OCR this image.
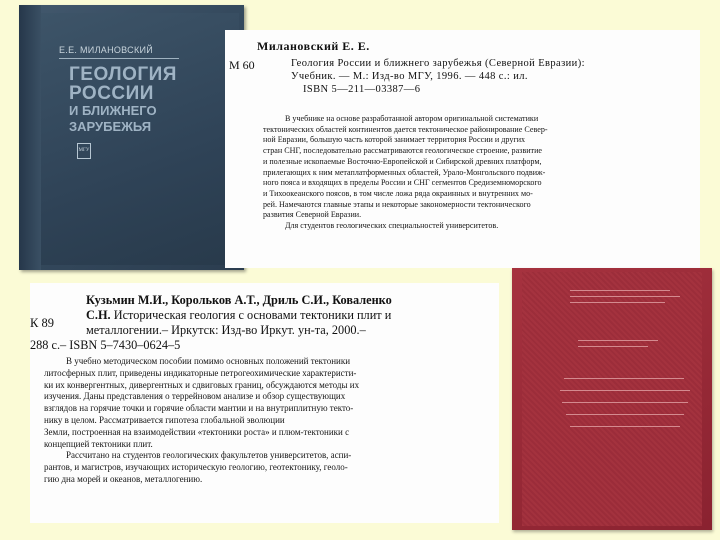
Е.Е. МИЛАНОВСКИЙ
ГЕОЛОГИЯ
РОССИИ
И БЛИЖНЕГО
ЗАРУБЕЖЬЯ
МГУ
Милановский Е. Е.
М 60	Геология России и ближнего зарубежья (Северной Евразии):
Учебник. — М.: Изд-во МГУ, 1996. — 448 с.: ил.
ISBN 5—211—03387—6
В учебнике на основе разработанной автором оригинальной систематики
тектонических областей континентов дается тектоническое районирование Север-
ной Евразии, большую часть которой занимает территория России и других
стран СНГ, последовательно рассматриваются геологическое строение, развитие
и полезные ископаемые Восточно-Европейской и Сибирской древних платформ,
прилегающих к ним метаплатформенных областей, Урало-Монгольского подвиж-
ного пояса и входящих в пределы России и СНГ сегментов Средиземноморского
и Тихоокеанского поясов, в том числе ложа ряда окраинных и внутренних мо-
рей. Намечаются главные этапы и некоторые закономерности тектонического
развития Северной Евразии.
Для студентов геологических специальностей университетов.
К 89
Кузьмин М.И., Корольков А.Т., Дриль С.И., Коваленко
С.Н. Историческая геология с основами тектоники плит и
металлогении.– Иркутск: Изд-во Иркут. ун-та, 2000.–
288 с.– ISBN 5–7430–0624–5
В учебно методическом пособии помимо основных положений тектоники
литосферных плит, приведены индикаторные петрогеохимические характеристи-
ки их конвергентных, дивергентных и сдвиговых границ, обсуждаются методы их
изучения. Даны представления о террейновом анализе и обзор существующих
взглядов на горячие точки и горячие области мантии и на внутриплитную текто-
нику в целом. Рассматривается гипотеза глобальной эволюции
Земли, построенная на взаимодействии «тектоники роста» и плюм-тектоники с
концепцией тектоники плит.
Рассчитано на студентов геологических факультетов университетов, аспи-
рантов, и магистров, изучающих историческую геологию, геотектонику, геоло-
гию дна морей и океанов, металлогению.
